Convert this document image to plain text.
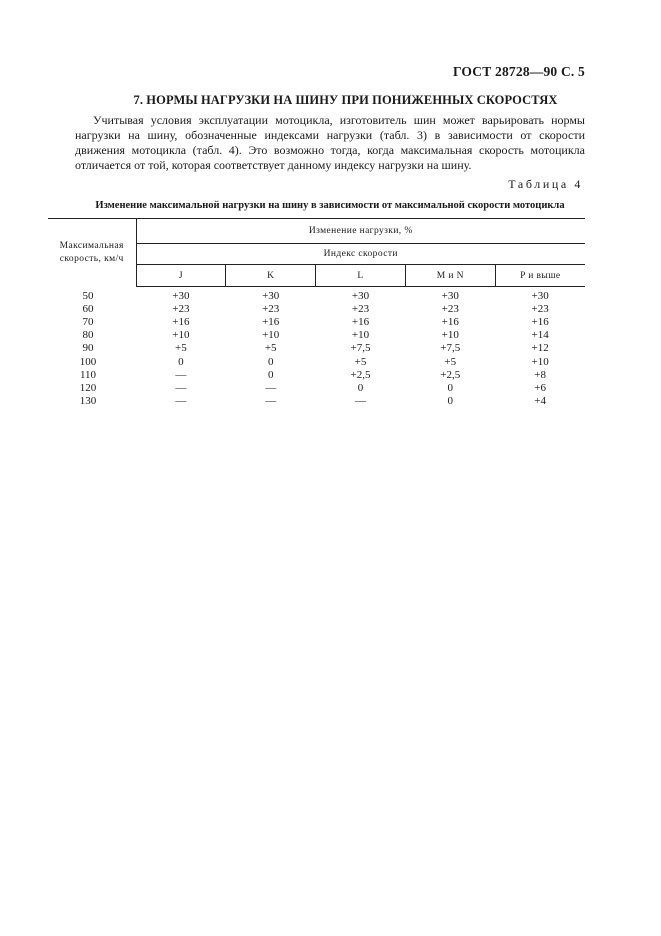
ГОСТ 28728—90 С. 5
7. НОРМЫ НАГРУЗКИ НА ШИНУ ПРИ ПОНИЖЕННЫХ СКОРОСТЯХ

Учитывая условия эксплуатации мотоцикла, изготовитель шин может варьировать нормы нагрузки на шину, обозначенные индексами нагрузки (табл. 3) в зависимости от скорости движения мотоцикла (табл. 4). Это возможно тогда, когда максимальная скорость мотоцикла отличается от той, которая соответствует данному индексу нагрузки на шину.

Таблица 4
Изменение максимальной нагрузки на шину в зависимости от максимальной скорости мотоцикла
Максимальная скорость, км/ч	Изменение нагрузки, %				
	Индекс скорости				
	J	K	L	M и N	P и выше
50	+30	+30	+30	+30	+30
60	+23	+23	+23	+23	+23
70	+16	+16	+16	+16	+16
80	+10	+10	+10	+10	+14
90	+5	+5	+7,5	+7,5	+12
100	0	0	+5	+5	+10
110	—	0	+2,5	+2,5	+8
120	—	—	0	0	+6
130	—	—	—	0	+4
